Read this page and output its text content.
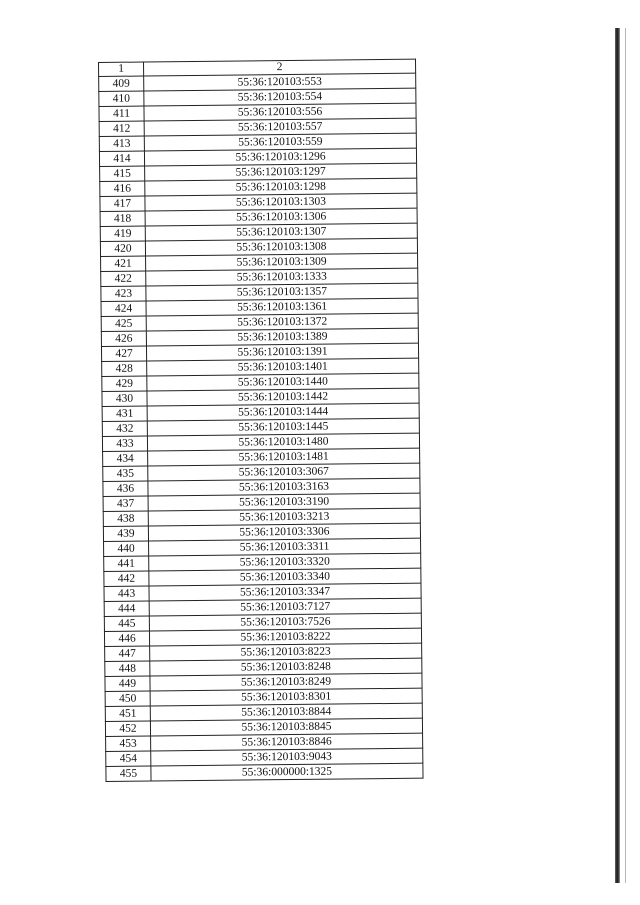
1	2
409	55:36:120103:553
410	55:36:120103:554
411	55:36:120103:556
412	55:36:120103:557
413	55:36:120103:559
414	55:36:120103:1296
415	55:36:120103:1297
416	55:36:120103:1298
417	55:36:120103:1303
418	55:36:120103:1306
419	55:36:120103:1307
420	55:36:120103:1308
421	55:36:120103:1309
422	55:36:120103:1333
423	55:36:120103:1357
424	55:36:120103:1361
425	55:36:120103:1372
426	55:36:120103:1389
427	55:36:120103:1391
428	55:36:120103:1401
429	55:36:120103:1440
430	55:36:120103:1442
431	55:36:120103:1444
432	55:36:120103:1445
433	55:36:120103:1480
434	55:36:120103:1481
435	55:36:120103:3067
436	55:36:120103:3163
437	55:36:120103:3190
438	55:36:120103:3213
439	55:36:120103:3306
440	55:36:120103:3311
441	55:36:120103:3320
442	55:36:120103:3340
443	55:36:120103:3347
444	55:36:120103:7127
445	55:36:120103:7526
446	55:36:120103:8222
447	55:36:120103:8223
448	55:36:120103:8248
449	55:36:120103:8249
450	55:36:120103:8301
451	55:36:120103:8844
452	55:36:120103:8845
453	55:36:120103:8846
454	55:36:120103:9043
455	55:36:000000:1325
